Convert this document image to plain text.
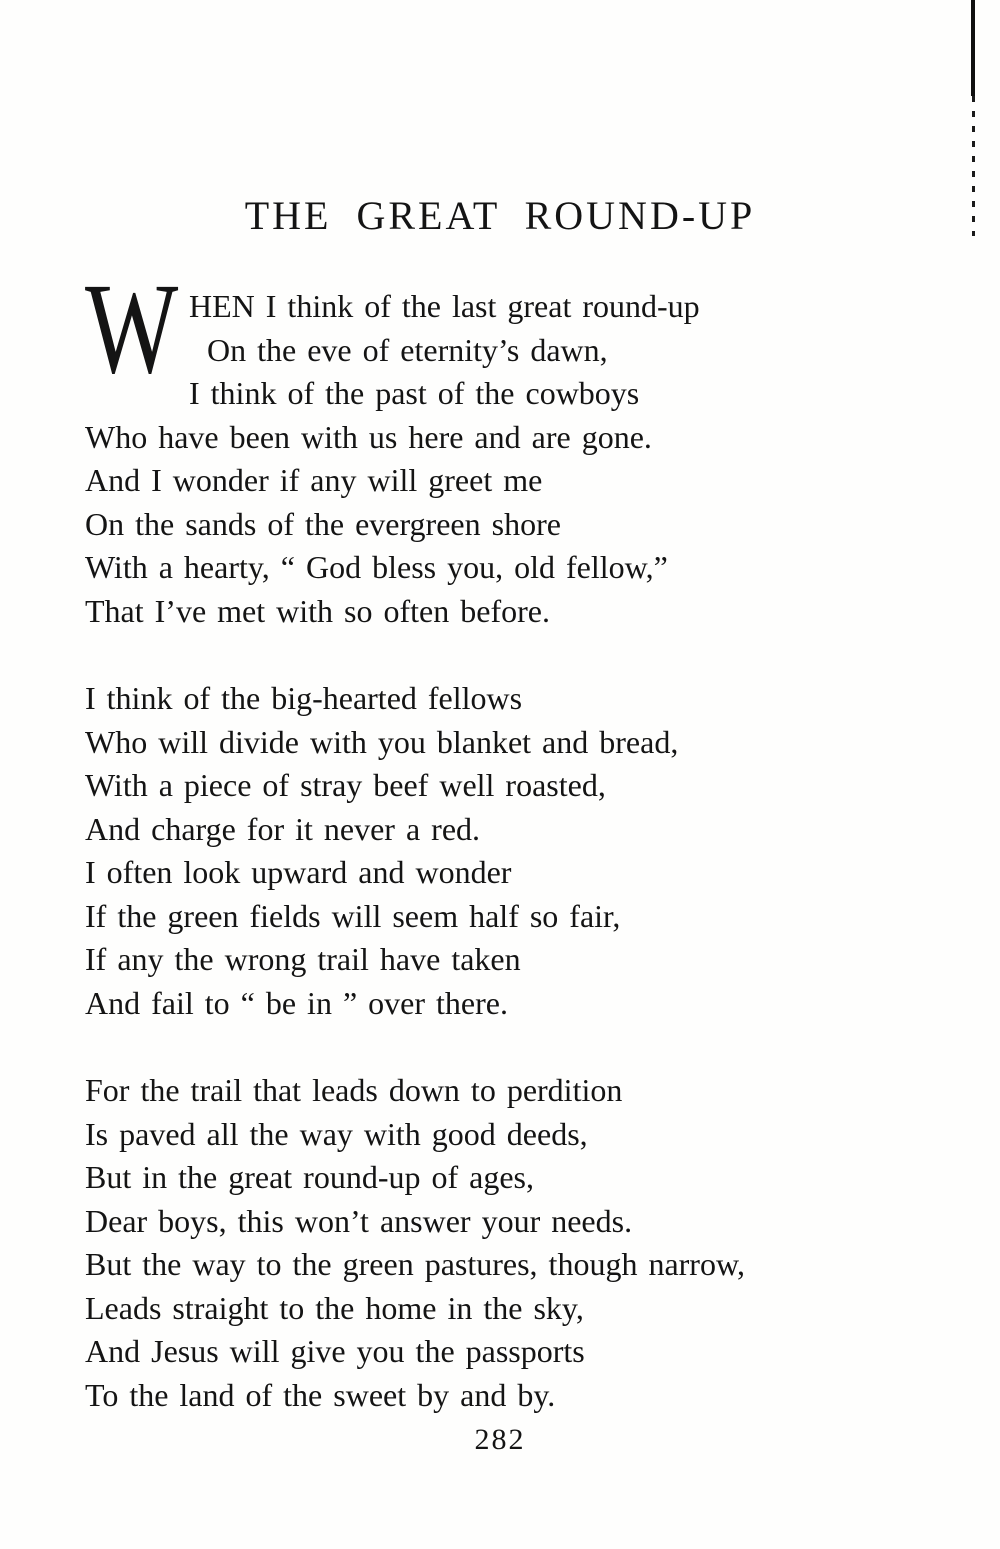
THE GREAT ROUND-UP
W HEN I think of the last great round-up
On the eve of eternity’s dawn,
I think of the past of the cowboys
Who have been with us here and are gone.
And I wonder if any will greet me
On the sands of the evergreen shore
With a hearty, “ God bless you, old fellow,”
That I’ve met with so often before.
I think of the big-hearted fellows
Who will divide with you blanket and bread,
With a piece of stray beef well roasted,
And charge for it never a red.
I often look upward and wonder
If the green fields will seem half so fair,
If any the wrong trail have taken
And fail to “ be in ” over there.
For the trail that leads down to perdition
Is paved all the way with good deeds,
But in the great round-up of ages,
Dear boys, this won’t answer your needs.
But the way to the green pastures, though narrow,
Leads straight to the home in the sky,
And Jesus will give you the passports
To the land of the sweet by and by.
282
